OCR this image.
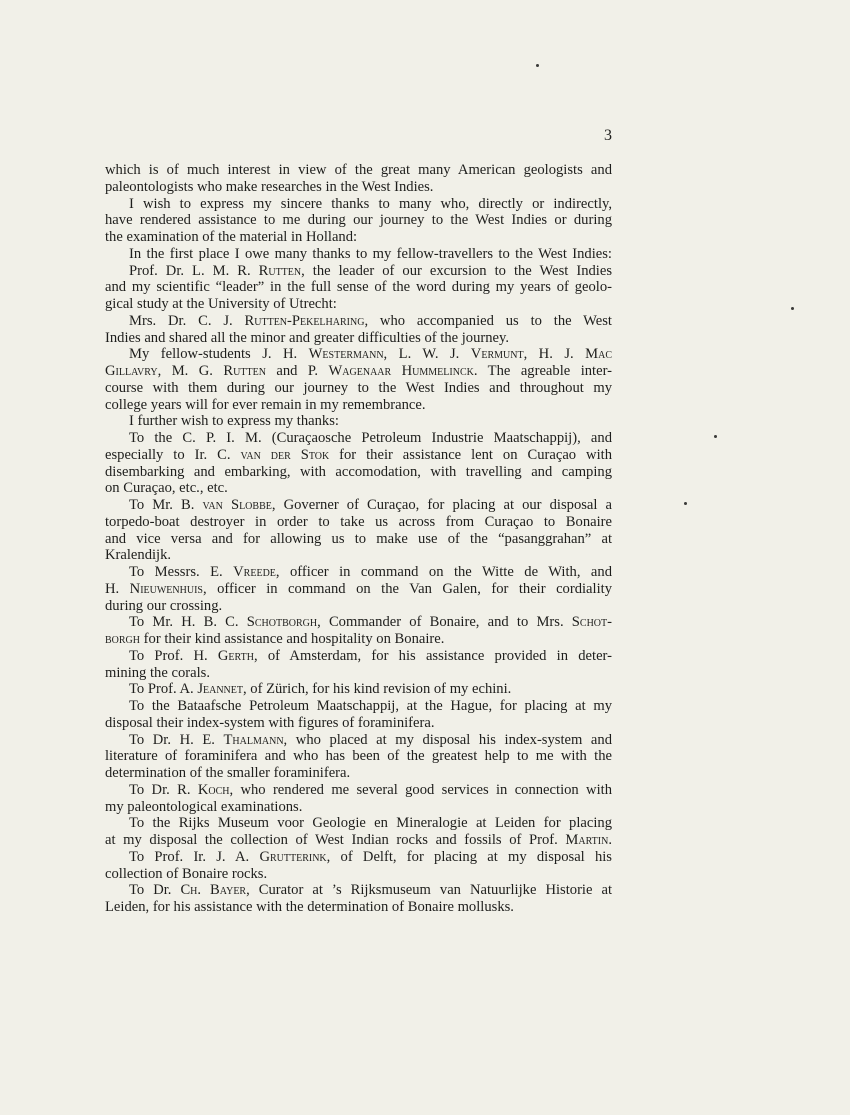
3
which is of much interest in view of the great many American geologists and
paleontologists who make researches in the West Indies.
I wish to express my sincere thanks to many who, directly or indirectly,
have rendered assistance to me during our journey to the West Indies or during
the examination of the material in Holland:
In the first place I owe many thanks to my fellow-travellers to the West Indies:
Prof. Dr. L. M. R. Rutten, the leader of our excursion to the West Indies
and my scientific “leader” in the full sense of the word during my years of geolo-
gical study at the University of Utrecht:
Mrs. Dr. C. J. Rutten-Pekelharing, who accompanied us to the West
Indies and shared all the minor and greater difficulties of the journey.
My fellow-students J. H. Westermann, L. W. J. Vermunt, H. J. Mac
Gillavry, M. G. Rutten and P. Wagenaar Hummelinck. The agreable inter-
course with them during our journey to the West Indies and throughout my
college years will for ever remain in my remembrance.
I further wish to express my thanks:
To the C. P. I. M. (Curaçaosche Petroleum Industrie Maatschappij), and
especially to Ir. C. van der Stok for their assistance lent on Curaçao with
disembarking and embarking, with accomodation, with travelling and camping
on Curaçao, etc., etc.
To Mr. B. van Slobbe, Governer of Curaçao, for placing at our disposal a
torpedo-boat destroyer in order to take us across from Curaçao to Bonaire
and vice versa and for allowing us to make use of the “pasanggrahan” at
Kralendijk.
To Messrs. E. Vreede, officer in command on the Witte de With, and
H. Nieuwenhuis, officer in command on the Van Galen, for their cordiality
during our crossing.
To Mr. H. B. C. Schotborgh, Commander of Bonaire, and to Mrs. Schot-
borgh for their kind assistance and hospitality on Bonaire.
To Prof. H. Gerth, of Amsterdam, for his assistance provided in deter-
mining the corals.
To Prof. A. Jeannet, of Zürich, for his kind revision of my echini.
To the Bataafsche Petroleum Maatschappij, at the Hague, for placing at my
disposal their index-system with figures of foraminifera.
To Dr. H. E. Thalmann, who placed at my disposal his index-system and
literature of foraminifera and who has been of the greatest help to me with the
determination of the smaller foraminifera.
To Dr. R. Koch, who rendered me several good services in connection with
my paleontological examinations.
To the Rijks Museum voor Geologie en Mineralogie at Leiden for placing
at my disposal the collection of West Indian rocks and fossils of Prof. Martin.
To Prof. Ir. J. A. Grutterink, of Delft, for placing at my disposal his
collection of Bonaire rocks.
To Dr. Ch. Bayer, Curator at ’s Rijksmuseum van Natuurlijke Historie at
Leiden, for his assistance with the determination of Bonaire mollusks.
